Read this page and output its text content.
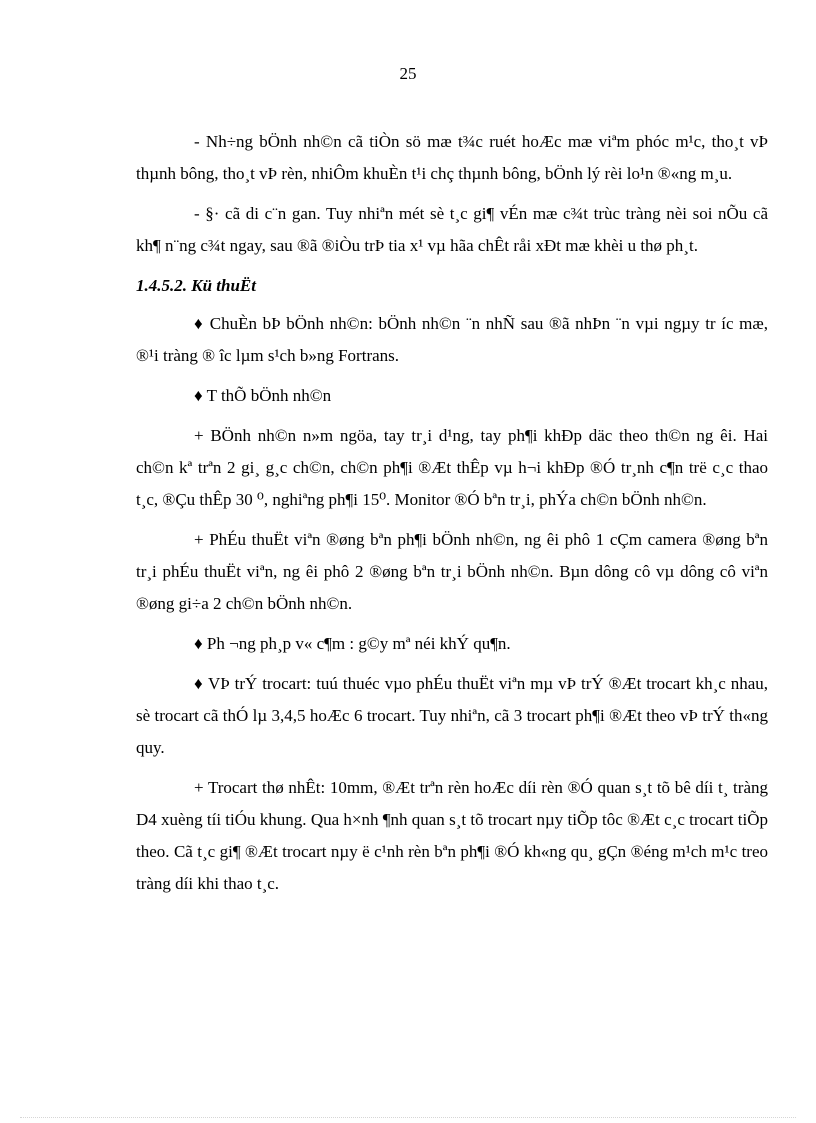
25

- Nh÷ng bÖnh nh©n cã tiÒn sö mæ t¾c ruét hoÆc mæ viªm phóc m¹c, tho¸t vÞ thµnh bông, tho¸t vÞ rèn, nhiÔm khuÈn t¹i chç thµnh bông, bÖnh lý rèi lo¹n ®«ng m¸u.

- §· cã di c¨n gan. Tuy nhiªn mét sè t¸c gi¶ vÉn mæ c¾t trùc tràng nèi soi nÕu cã kh¶ n¨ng c¾t ngay, sau ®ã ®iÒu trÞ tia x¹ vµ hãa chÊt råi xÐt mæ khèi u thø ph¸t.

1.4.5.2. Kü thuËt

♦ ChuÈn bÞ bÖnh nh©n: bÖnh nh©n ¨n nhÑ sau ®ã nhÞn ¨n vµi ngµy tr íc mæ, ®¹i tràng ® îc lµm s¹ch b»ng Fortrans.

♦ T thÕ bÖnh nh©n

+ BÖnh nh©n n»m ngöa, tay tr¸i d¹ng, tay ph¶i khÐp däc theo th©n ng êi. Hai ch©n kª trªn 2 gi¸ g¸c ch©n, ch©n ph¶i ®Æt thÊp vµ h¬i khÐp ®Ó tr¸nh c¶n trë c¸c thao t¸c, ®Çu thÊp 30 ⁰, nghiªng ph¶i 15⁰. Monitor ®Ó bªn tr¸i, phÝa ch©n bÖnh nh©n.

+ PhÉu thuËt viªn ®øng bªn ph¶i bÖnh nh©n, ng êi phô 1 cÇm camera ®øng bªn tr¸i phÉu thuËt viªn, ng êi phô 2 ®øng bªn tr¸i bÖnh nh©n. Bµn dông cô vµ dông cô viªn ®øng gi÷a 2 ch©n bÖnh nh©n.

♦ Ph ¬ng ph¸p v« c¶m : g©y mª néi khÝ qu¶n.

♦ VÞ trÝ trocart: tuú thuéc vµo phÉu thuËt viªn mµ vÞ trÝ ®Æt trocart kh¸c nhau, sè trocart cã thÓ lµ 3,4,5 hoÆc 6 trocart. Tuy nhiªn, cã 3 trocart ph¶i ®Æt theo vÞ trÝ th«ng quy.

+ Trocart thø nhÊt: 10mm, ®Æt trªn rèn hoÆc díi rèn ®Ó quan s¸t tõ bê díi t¸ tràng D4 xuèng tíi tiÓu khung. Qua h×nh ¶nh quan s¸t tõ trocart nµy tiÕp tôc ®Æt c¸c trocart tiÕp theo. Cã t¸c gi¶ ®Æt trocart nµy ë c¹nh rèn bªn ph¶i ®Ó kh«ng qu¸ gÇn ®éng m¹ch m¹c treo tràng díi khi thao t¸c.
